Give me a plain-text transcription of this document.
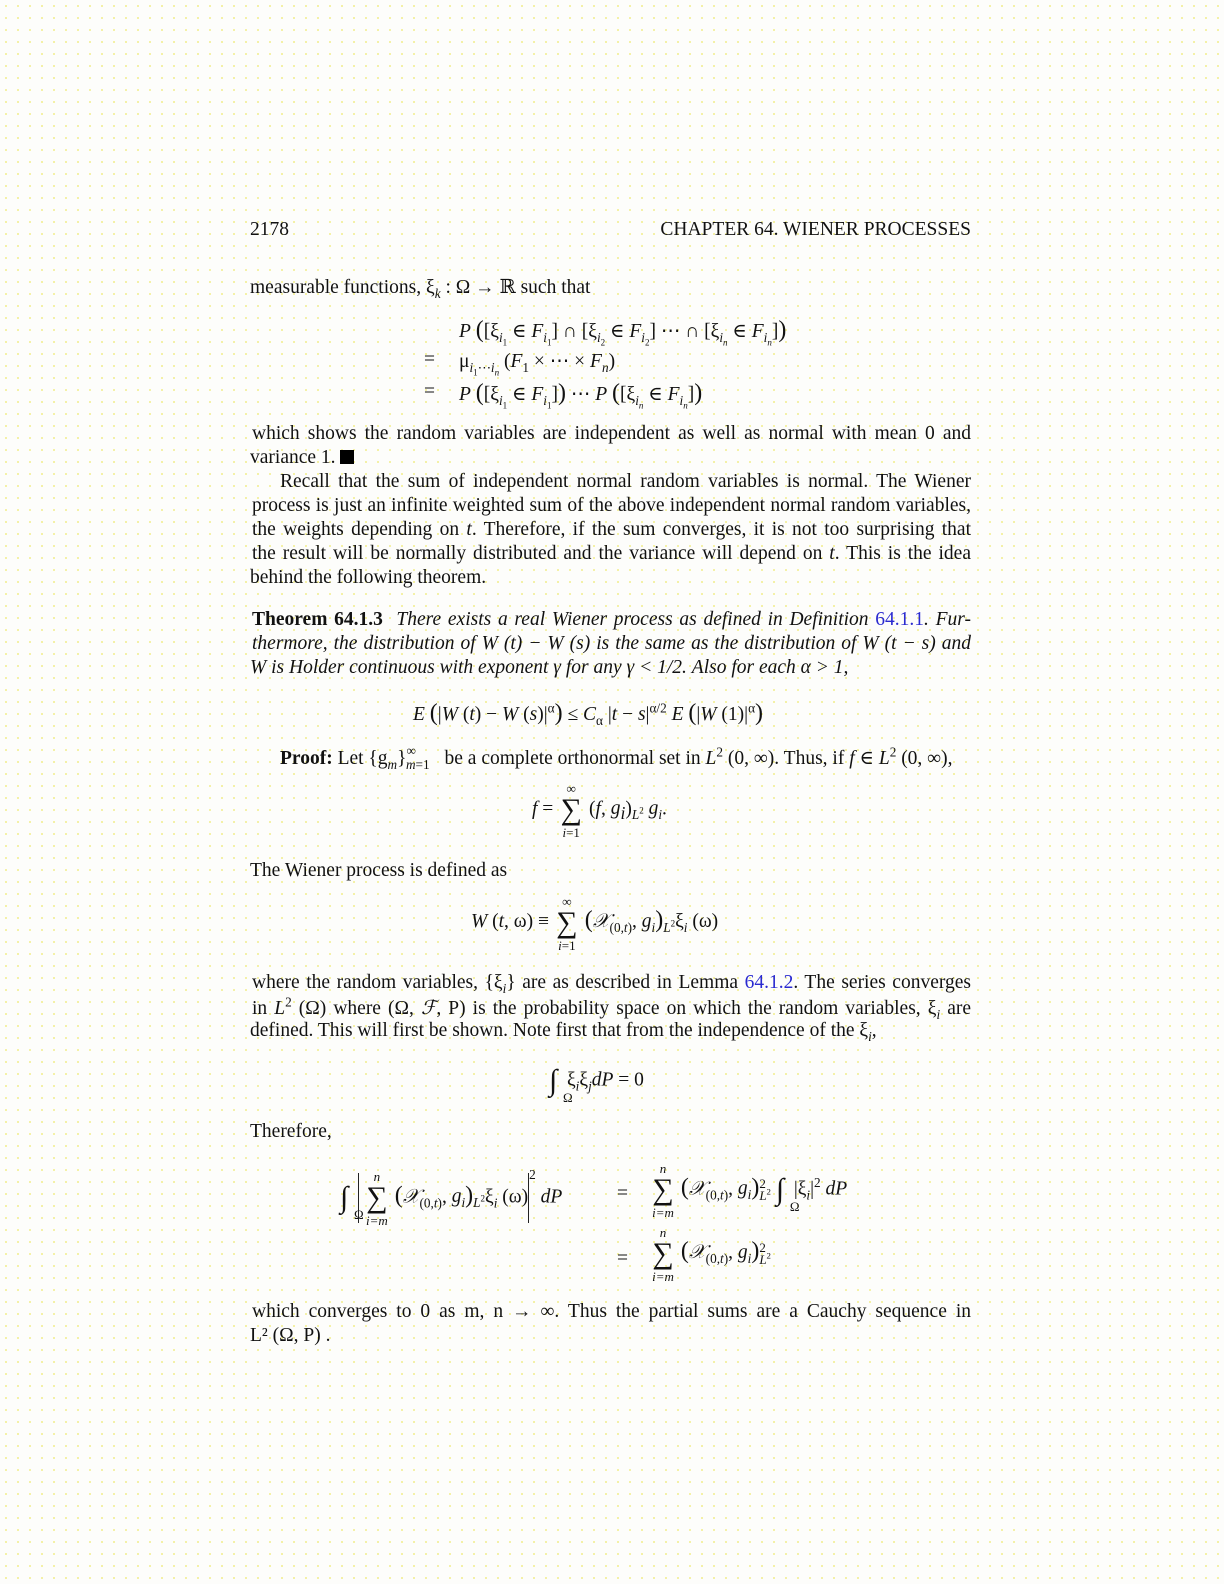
2178	CHAPTER 64. WIENER PROCESSES
measurable functions, $\xi_k$ : Ω → ℝ such that
P ([$\xi_{i_1}$ ∈ $F_{i_1}$] ∩ [$\xi_{i_2}$ ∈ $F_{i_2}$] ⋯ ∩ [$\xi_{i_n}$ ∈ $F_{i_n}$])
= $\mu_{i_1\cdots i_n}$ ($F_1$ × ⋯ × $F_n$)
= P ([$\xi_{i_1}$ ∈ $F_{i_1}$]) ⋯ P ([$\xi_{i_n}$ ∈ $F_{i_n}$])
which shows the random variables are independent as well as normal with mean 0 and
variance 1.
Recall that the sum of independent normal random variables is normal. The Wiener
process is just an infinite weighted sum of the above independent normal random variables,
the weights depending on t. Therefore, if the sum converges, it is not too surprising that
the result will be normally distributed and the variance will depend on t. This is the idea
behind the following theorem.
Theorem 64.1.3 There exists a real Wiener process as defined in Definition 64.1.1. Fur-
thermore, the distribution of W (t) − W (s) is the same as the distribution of W (t − s) and
W is Holder continuous with exponent γ for any γ < 1/2. Also for each α > 1,
E (|W (t) − W $(s)|^\alpha) \le C_\alpha$ $|t - s|^{\alpha/2}$ E (|W $(1)|^\alpha$)
Proof: Let $\{g_m\}^\infty_{m=1}$ be a complete orthonormal set in $L^2$ (0, ∞). Thus, if f ∈ $L^2$ (0, ∞),
f =
∞
∑
i=1
(f, $g_i)_{L^2}$ $g_i$.
The Wiener process is defined as
W (t, ω) ≡
∞
∑
i=1
(𝒳$_{(0,t)}$, $g_i)_{L^2}\xi_i$ (ω)
where the random variables, $\{\xi_i\}$ are as described in Lemma 64.1.2. The series converges
in $L^2$ (Ω) where (Ω, ℱ, P) is the probability space on which the random variables, $\xi_i$ are
defined. This will first be shown. Note first that from the independence of the $\xi_i$,
∫
Ω
$\xi_i\xi_jdP = 0$
Therefore,
∫
Ω

n
∑
i=m
(𝒳$_{(0,t)}$, $g_i)_{L^2}\xi_i$ $(\omega)^2$ dP	=
n
∑
i=m
(𝒳$_{(0,t)}$, $g_i)2$
$L^2$ ∫
Ω
$|\xi_i|^2$ dP
=
n
∑
i=m
(𝒳$_{(0,t)}$, $g_i)2$
$L^2$
which converges to 0 as m, n → ∞. Thus the partial sums are a Cauchy sequence in
L² (Ω, P) .
